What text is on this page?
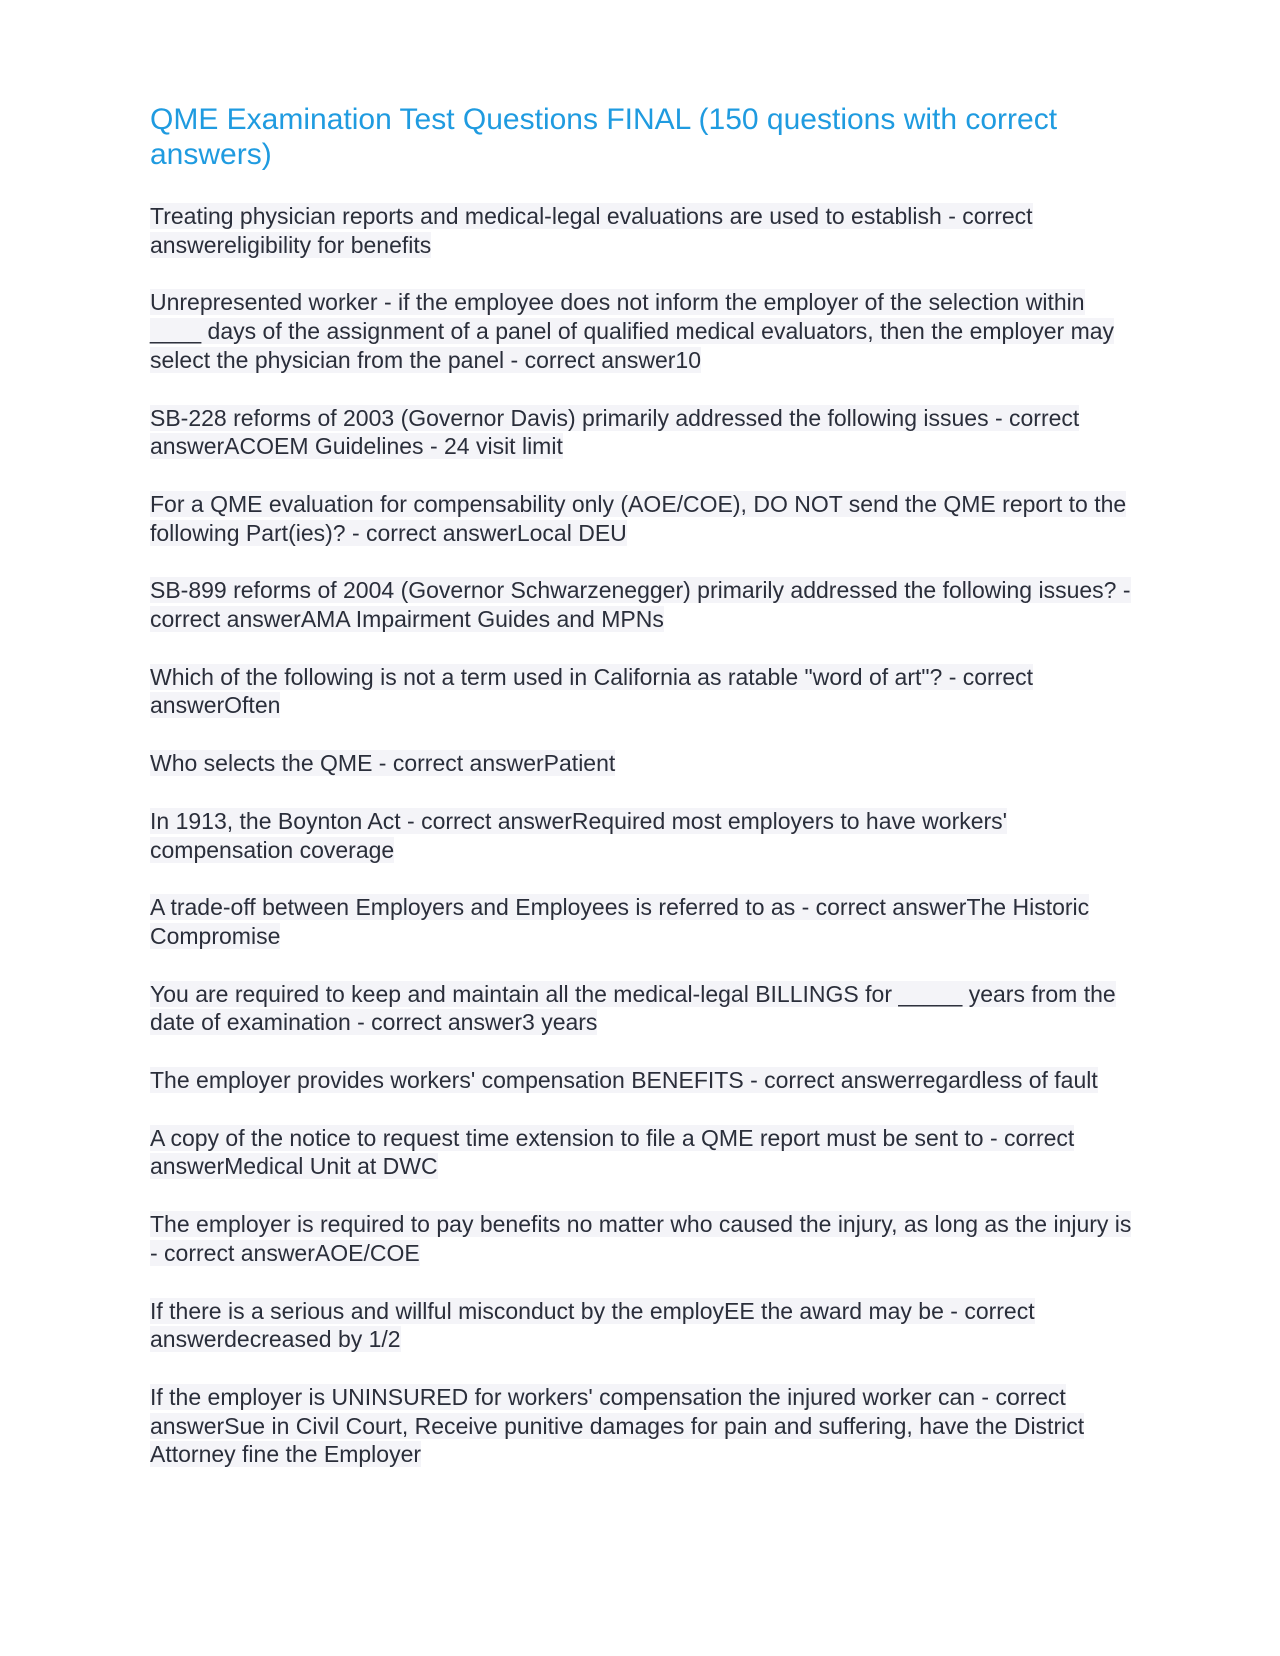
QME Examination Test Questions FINAL (150 questions with correct answers)
Treating physician reports and medical-legal evaluations are used to establish - correct answereligibility for benefits
Unrepresented worker - if the employee does not inform the employer of the selection within ____ days of the assignment of a panel of qualified medical evaluators, then the employer may select the physician from the panel - correct answer10
SB-228 reforms of 2003 (Governor Davis) primarily addressed the following issues - correct answerACOEM Guidelines - 24 visit limit
For a QME evaluation for compensability only (AOE/COE), DO NOT send the QME report to the following Part(ies)? - correct answerLocal DEU
SB-899 reforms of 2004 (Governor Schwarzenegger) primarily addressed the following issues? - correct answerAMA Impairment Guides and MPNs
Which of the following is not a term used in California as ratable "word of art"? - correct answerOften
Who selects the QME - correct answerPatient
In 1913, the Boynton Act - correct answerRequired most employers to have workers' compensation coverage
A trade-off between Employers and Employees is referred to as - correct answerThe Historic Compromise
You are required to keep and maintain all the medical-legal BILLINGS for _____ years from the date of examination - correct answer3 years
The employer provides workers' compensation BENEFITS - correct answerregardless of fault
A copy of the notice to request time extension to file a QME report must be sent to - correct answerMedical Unit at DWC
The employer is required to pay benefits no matter who caused the injury, as long as the injury is - correct answerAOE/COE
If there is a serious and willful misconduct by the employEE the award may be - correct answerdecreased by 1/2
If the employer is UNINSURED for workers' compensation the injured worker can - correct answerSue in Civil Court, Receive punitive damages for pain and suffering, have the District Attorney fine the Employer
